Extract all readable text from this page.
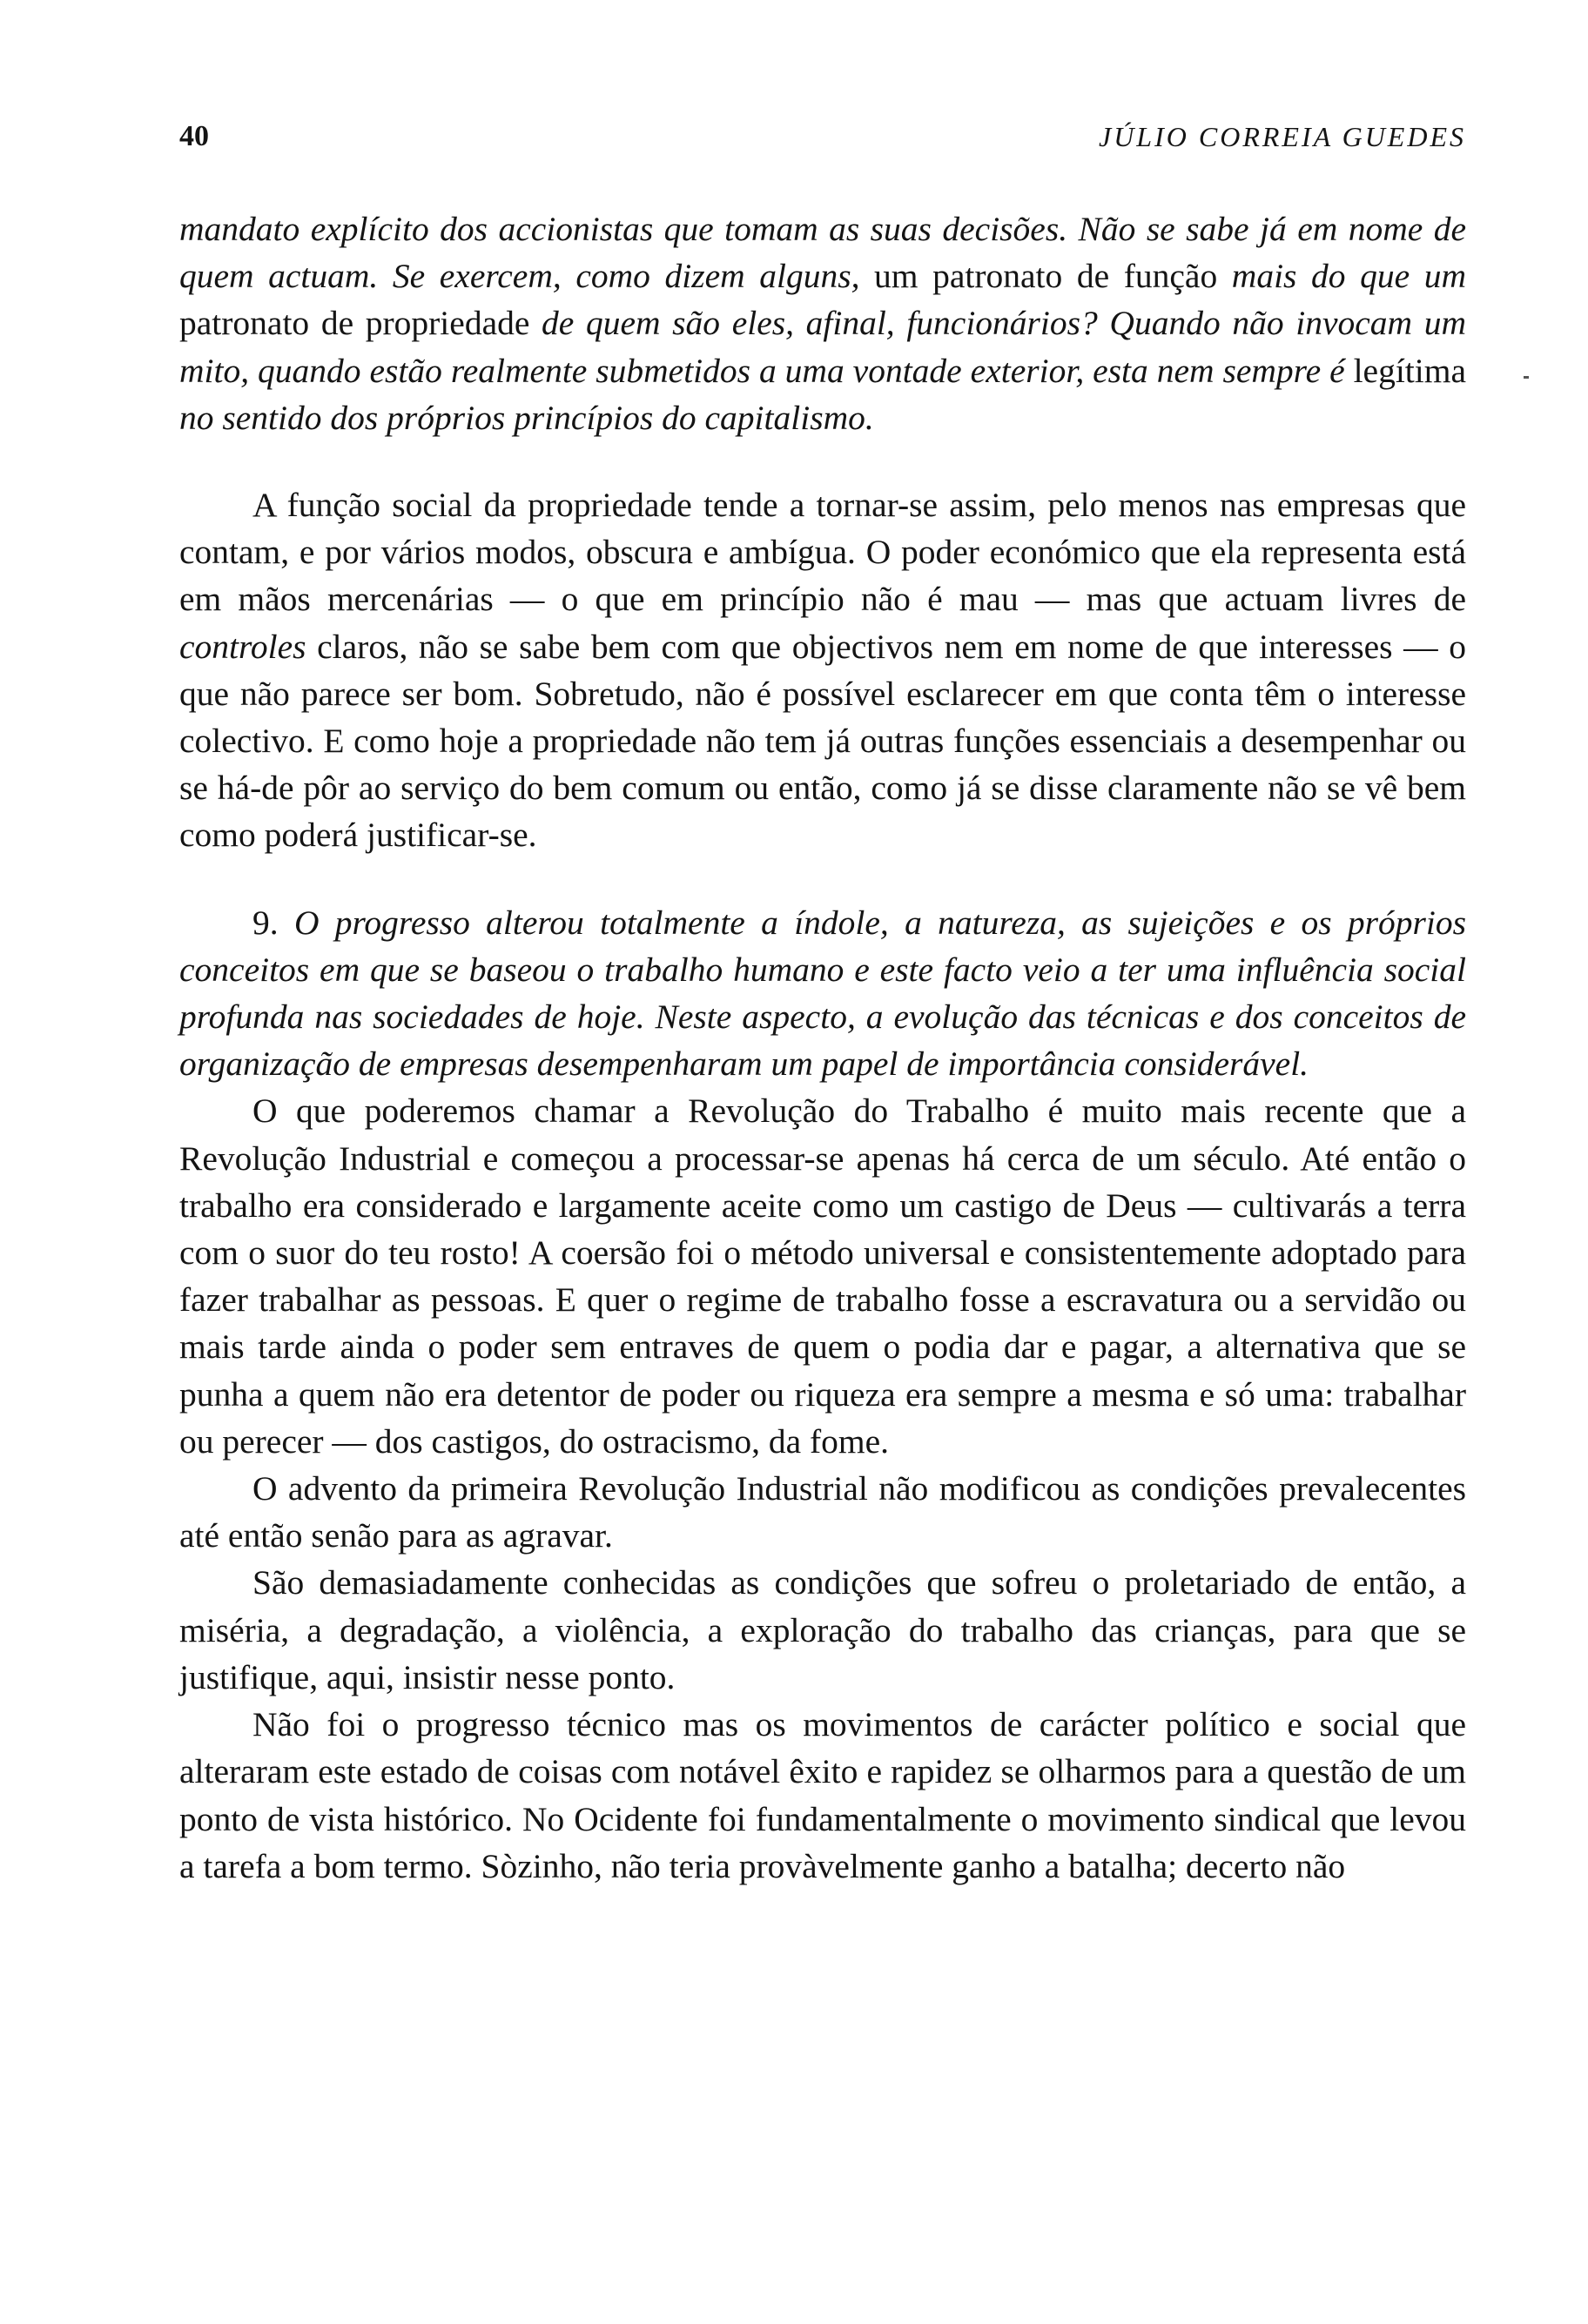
40	JÚLIO CORREIA GUEDES

mandato explícito dos accionistas que tomam as suas decisões. Não se sabe já em nome de quem actuam. Se exercem, como dizem alguns, um patronato de função mais do que um patronato de propriedade de quem são eles, afinal, funcionários? Quando não invocam um mito, quando estão realmente submetidos a uma vontade exterior, esta nem sempre é legítima no sentido dos próprios princípios do capitalismo.

A função social da propriedade tende a tornar-se assim, pelo menos nas empresas que contam, e por vários modos, obscura e ambígua. O poder económico que ela representa está em mãos mercenárias — o que em princípio não é mau — mas que actuam livres de controles claros, não se sabe bem com que objectivos nem em nome de que interesses — o que não parece ser bom. Sobretudo, não é possível esclarecer em que conta têm o interesse colectivo. E como hoje a propriedade não tem já outras funções essenciais a desempenhar ou se há-de pôr ao serviço do bem comum ou então, como já se disse claramente não se vê bem como poderá justificar-se.

9. O progresso alterou totalmente a índole, a natureza, as sujeições e os próprios conceitos em que se baseou o trabalho humano e este facto veio a ter uma influência social profunda nas sociedades de hoje. Neste aspecto, a evolução das técnicas e dos conceitos de organização de empresas desempenharam um papel de importância considerável.

O que poderemos chamar a Revolução do Trabalho é muito mais recente que a Revolução Industrial e começou a processar-se apenas há cerca de um século. Até então o trabalho era considerado e largamente aceite como um castigo de Deus — cultivarás a terra com o suor do teu rosto! A coersão foi o método universal e consistentemente adoptado para fazer trabalhar as pessoas. E quer o regime de trabalho fosse a escravatura ou a servidão ou mais tarde ainda o poder sem entraves de quem o podia dar e pagar, a alternativa que se punha a quem não era detentor de poder ou riqueza era sempre a mesma e só uma: trabalhar ou perecer — dos castigos, do ostracismo, da fome.

O advento da primeira Revolução Industrial não modificou as condições prevalecentes até então senão para as agravar.

São demasiadamente conhecidas as condições que sofreu o proletariado de então, a miséria, a degradação, a violência, a exploração do trabalho das crianças, para que se justifique, aqui, insistir nesse ponto.

Não foi o progresso técnico mas os movimentos de carácter político e social que alteraram este estado de coisas com notável êxito e rapidez se olharmos para a questão de um ponto de vista histórico. No Ocidente foi fundamentalmente o movimento sindical que levou a tarefa a bom termo. Sòzinho, não teria provàvelmente ganho a batalha; decerto não
